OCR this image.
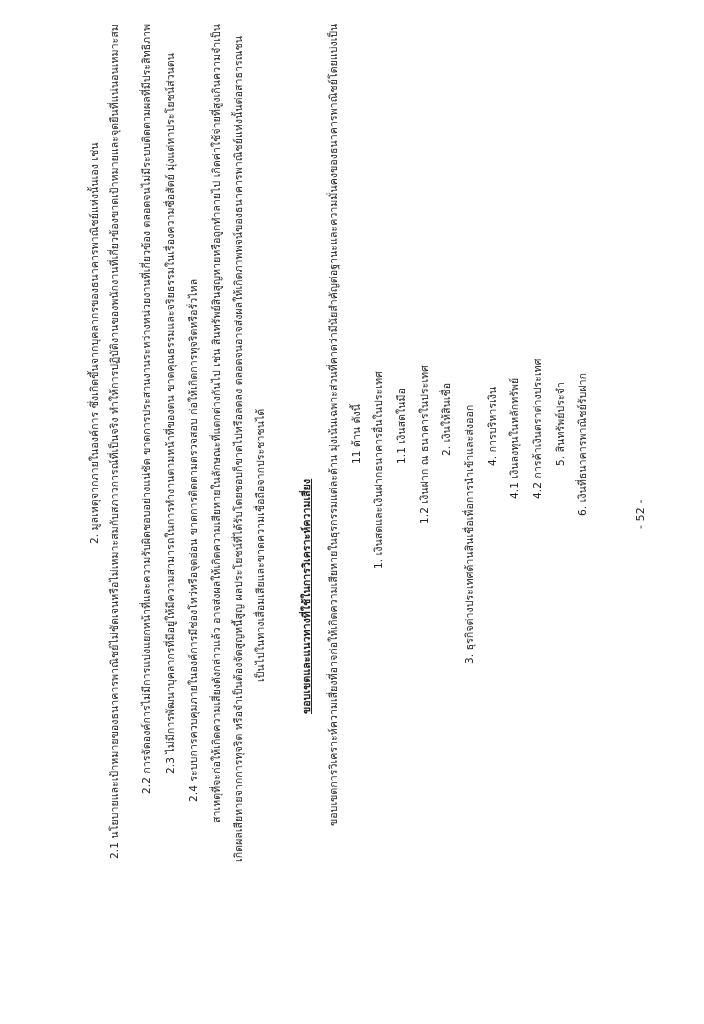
2. มูลเหตุจากภายในองค์การ ซึ่งเกิดขึ้นจากบุคลากรของธนาคารพาณิชย์แห่งนั้นเอง เช่น 2.1 นโยบายและเป้าหมายของธนาคารพาณิชย์ไม่ชัดเจนหรือไม่เหมาะสมกับสภาวการณ์ที่เป็นจริง ทำให้การปฏิบัติงานของพนักงานที่เกี่ยวข้องขาดเป้าหมายและจุดยืนที่แน่นอนเหมาะสม 2.2 การจัดองค์การไม่มีการแบ่งแยกหน้าที่และความรับผิดชอบอย่างแน่ชัด ขาดการประสานงานระหว่างหน่วยงานที่เกี่ยวข้อง ตลอดจนไม่มีระบบติดตามผลที่มีประสิทธิภาพ 2.3 ไม่มีการพัฒนาบุคลากรที่มีอยู่ให้มีความสามารถในการทำงานตามหน้าที่ของตน ขาดคุณธรรมและจริยธรรมในเรื่องความซื่อสัตย์ มุ่งแต่หาประโยชน์ส่วนตน 2.4 ระบบการควบคุมภายในองค์การมีช่องโหว่หรือจุดอ่อน ขาดการติดตามตรวจสอบ ก่อให้เกิดการทุจริตหรือรั่วไหล สาเหตุที่จะก่อให้เกิดความเสี่ยงดังกล่าวแล้ว อาจส่งผลให้เกิดความเสียหายในลักษณะที่แตกต่างกันไป เช่น สินทรัพย์สินสูญหายหรือถูกทำลายไป เกิดค่าใช้จ่ายที่สูงเกินความจำเป็น เกิดผลเสียหายจากการทุจริต หรือจำเป็นต้องจัดสูญหนี้สูญ ผลประโยชน์ที่ได้รับโดยชอบก็ขาดไปหรือลดลง ตลอดจนอาจส่งผลให้เกิดภาพพจน์ของธนาคารพาณิชย์แห่งนั้นต่อสาธารณชน เป็นไปในทางเสื่อมเสียและขาดความเชื่อถือจากประชาชนได้	ขอบเขตและแนวทางที่ใช้ในการวิเคราะห์ความเสี่ยง ขอบเขตการวิเคราะห์ความเสี่ยงที่อาจก่อให้เกิดความเสียหายในธุรกรรมแต่ละด้าน มุ่งเน้นเฉพาะส่วนที่คาดว่ามีนัยสำคัญต่อฐานะและความมั่นคงของธนาคารพาณิชย์โดยแบ่งเป็น 11 ด้าน ดังนี้ 1. เงินสดและเงินฝากธนาคารอื่นในประเทศ 1.1 เงินสดในมือ 1.2 เงินฝาก ณ ธนาคารในประเทศ 2. เงินให้สินเชื่อ 3. ธุรกิจต่างประเทศด้านสินเชื่อเพื่อการนำเข้าและส่งออก 4. การบริหารเงิน 4.1 เงินลงทุนในหลักทรัพย์ 4.2 การค้าเงินตราต่างประเทศ 5. สินทรัพย์ประจำ 6. เงินที่ธนาคารพาณิชย์รับฝาก	- 52 -
